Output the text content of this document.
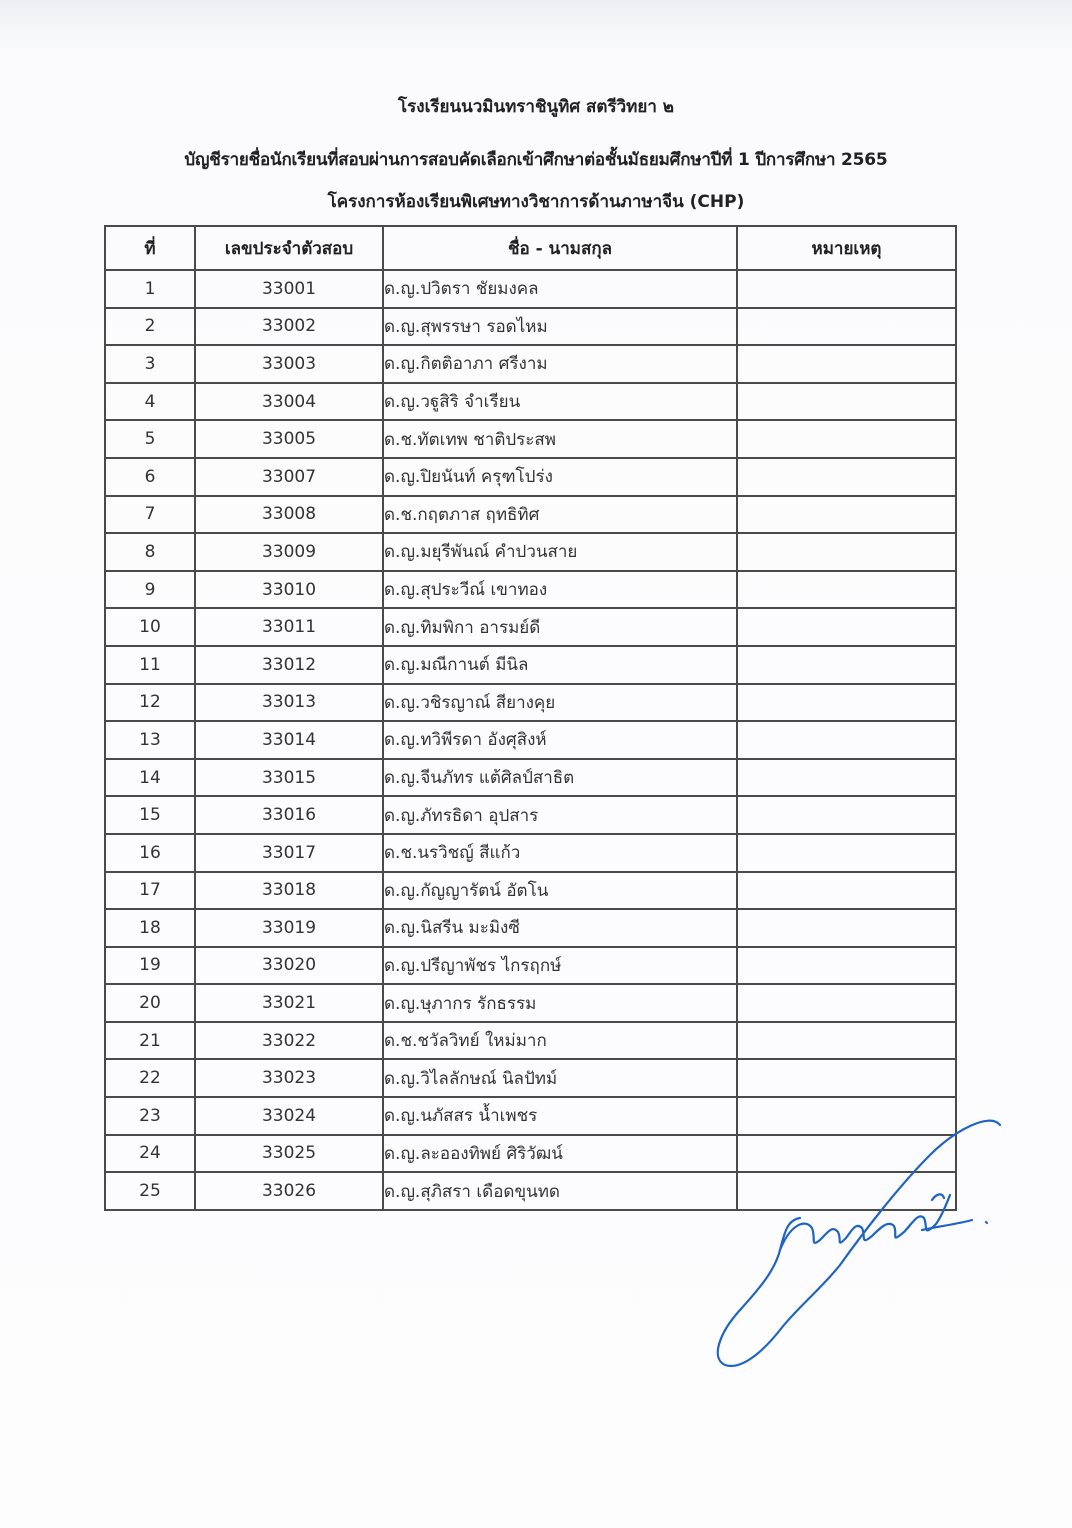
โรงเรียนนวมินทราชินูทิศ สตรีวิทยา ๒
บัญชีรายชื่อนักเรียนที่สอบผ่านการสอบคัดเลือกเข้าศึกษาต่อชั้นมัธยมศึกษาปีที่ 1 ปีการศึกษา 2565
โครงการห้องเรียนพิเศษทางวิชาการด้านภาษาจีน (CHP)
ที่	เลขประจำตัวสอบ	ชื่อ - นามสกุล	หมายเหตุ
1	33001	ด.ญ.ปวิตรา ชัยมงคล	
2	33002	ด.ญ.สุพรรษา รอดไหม	
3	33003	ด.ญ.กิตติอาภา ศรีงาม	
4	33004	ด.ญ.วฐูสิริ จำเรียน	
5	33005	ด.ช.ทัตเทพ ชาติประสพ	
6	33007	ด.ญ.ปิยนันท์ ครุฑโปร่ง	
7	33008	ด.ช.กฤตภาส ฤทธิทิศ	
8	33009	ด.ญ.มยุรีพันณ์ คำปวนสาย	
9	33010	ด.ญ.สุประวีณ์ เขาทอง	
10	33011	ด.ญ.ทิมพิกา อารมย์ดี	
11	33012	ด.ญ.มณีกานต์ มีนิล	
12	33013	ด.ญ.วชิรญาณ์ สียางคุย	
13	33014	ด.ญ.ทวิพีรดา อังศุสิงห์	
14	33015	ด.ญ.จีนภัทร แต้ศิลป์สาธิต	
15	33016	ด.ญ.ภัทรธิดา อุปสาร	
16	33017	ด.ช.นรวิชญ์ สีแก้ว	
17	33018	ด.ญ.กัญญารัตน์ อัตโน	
18	33019	ด.ญ.นิสรีน มะมิงซี	
19	33020	ด.ญ.ปรีญาพัชร ไกรฤกษ์	
20	33021	ด.ญ.ษุภากร รักธรรม	
21	33022	ด.ช.ชวัลวิทย์ ใหม่มาก	
22	33023	ด.ญ.วิไลลักษณ์ นิลปัทม์	
23	33024	ด.ญ.นภัสสร น้ำเพชร	
24	33025	ด.ญ.ละอองทิพย์ ศิริวัฒน์	
25	33026	ด.ญ.สุภิสรา เดือดขุนทด	
